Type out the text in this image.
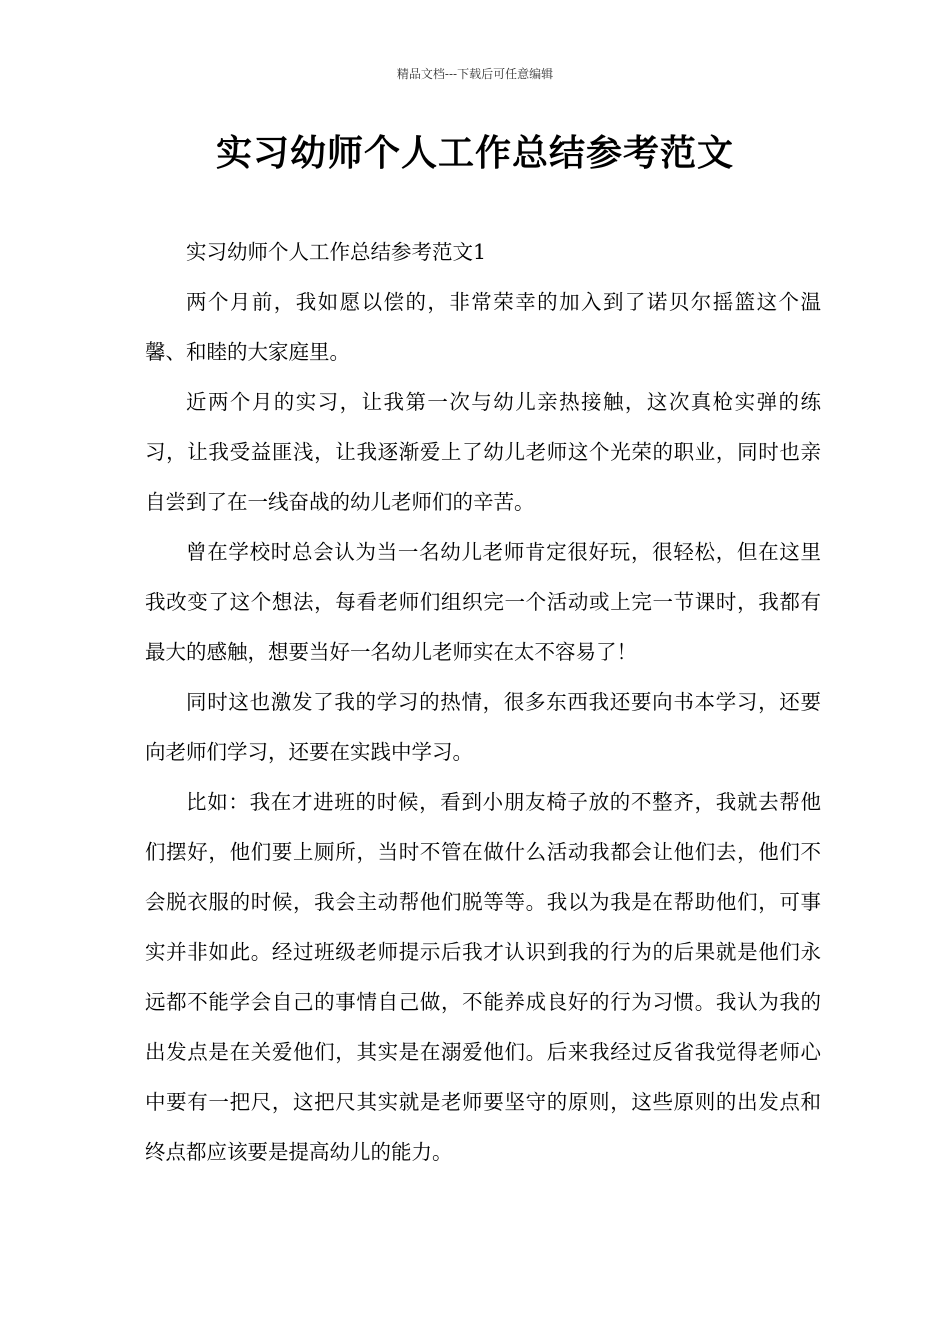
精品文档---下载后可任意编辑
实习幼师个人工作总结参考范文

实习幼师个人工作总结参考范文1

两个月前，我如愿以偿的，非常荣幸的加入到了诺贝尔摇篮这个温馨、和睦的大家庭里。

近两个月的实习，让我第一次与幼儿亲热接触，这次真枪实弹的练习，让我受益匪浅，让我逐渐爱上了幼儿老师这个光荣的职业，同时也亲自尝到了在一线奋战的幼儿老师们的辛苦。

曾在学校时总会认为当一名幼儿老师肯定很好玩，很轻松，但在这里我改变了这个想法，每看老师们组织完一个活动或上完一节课时，我都有最大的感触，想要当好一名幼儿老师实在太不容易了！

同时这也激发了我的学习的热情，很多东西我还要向书本学习，还要向老师们学习，还要在实践中学习。

比如：我在才进班的时候，看到小朋友椅子放的不整齐，我就去帮他们摆好，他们要上厕所，当时不管在做什么活动我都会让他们去，他们不会脱衣服的时候，我会主动帮他们脱等等。我以为我是在帮助他们，可事实并非如此。经过班级老师提示后我才认识到我的行为的后果就是他们永远都不能学会自己的事情自己做，不能养成良好的行为习惯。我认为我的出发点是在关爱他们，其实是在溺爱他们。后来我经过反省我觉得老师心中要有一把尺，这把尺其实就是老师要坚守的原则，这些原则的出发点和终点都应该要是提高幼儿的能力。
